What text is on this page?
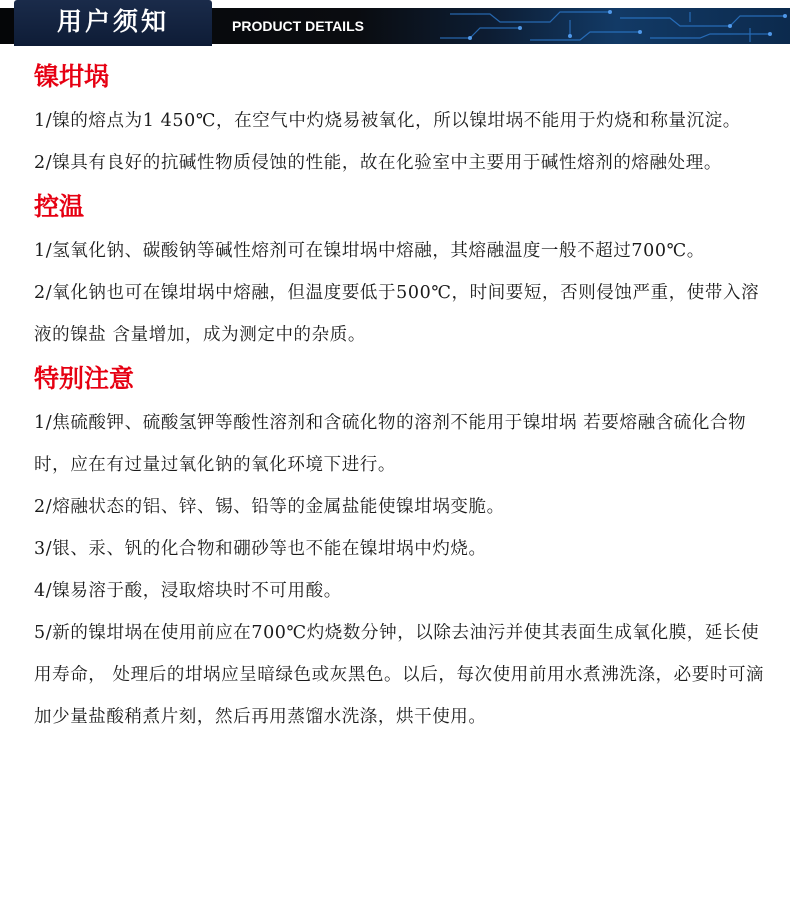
PRODUCT DETAILS
用户须知
镍坩埚

1/镍的熔点为1 450℃，在空气中灼烧易被氧化，所以镍坩埚不能用于灼烧和称量沉淀。

2/镍具有良好的抗碱性物质侵蚀的性能，故在化验室中主要用于碱性熔剂的熔融处理。

控温

1/氢氧化钠、碳酸钠等碱性熔剂可在镍坩埚中熔融，其熔融温度一般不超过700℃。

2/氧化钠也可在镍坩埚中熔融，但温度要低于500℃，时间要短，否则侵蚀严重，使带入溶液的镍盐 含量增加，成为测定中的杂质。

特别注意

1/焦硫酸钾、硫酸氢钾等酸性溶剂和含硫化物的溶剂不能用于镍坩埚 若要熔融含硫化合物时，应在有过量过氧化钠的氧化环境下进行。

2/熔融状态的铝、锌、锡、铅等的金属盐能使镍坩埚变脆。

3/银、汞、钒的化合物和硼砂等也不能在镍坩埚中灼烧。

4/镍易溶于酸，浸取熔块时不可用酸。

5/新的镍坩埚在使用前应在700℃灼烧数分钟，以除去油污并使其表面生成氧化膜，延长使用寿命， 处理后的坩埚应呈暗绿色或灰黑色。以后，每次使用前用水煮沸洗涤，必要时可滴加少量盐酸稍煮片刻，然后再用蒸馏水洗涤，烘干使用。
